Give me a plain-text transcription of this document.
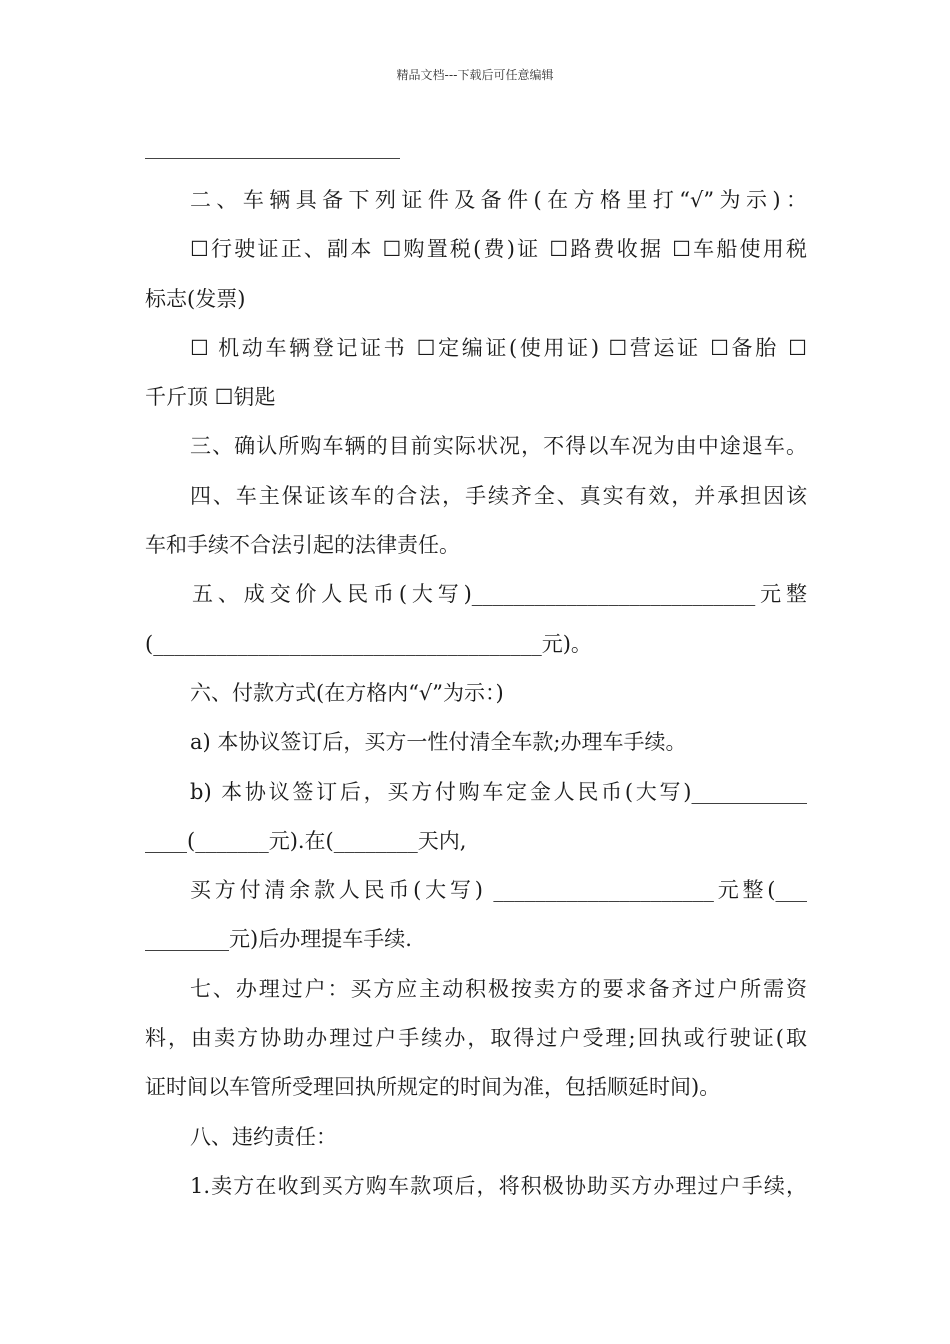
精品文档---下载后可任意编辑
二、车辆具备下列证件及备件(在方格里打“√”为示)：
☐行驶证正、副本 ☐购置税(费)证 ☐路费收据 ☐车船使用税
标志(发票)
☐ 机动车辆登记证书 ☐定编证(使用证) ☐营运证 ☐备胎 ☐
千斤顶 ☐钥匙
三、确认所购车辆的目前实际状况，不得以车况为由中途退车。
四、车主保证该车的合法，手续齐全、真实有效，并承担因该
车和手续不合法引起的法律责任。
五、成交价人民币(大写)___________________________元整
(_____________________________________元)。
六、付款方式(在方格内“√”为示：)
a) 本协议签订后，买方一性付清全车款;办理车手续。
b) 本协议签订后，买方付购车定金人民币(大写)___________
____(_______元).在(________天内,
买方付清余款人民币(大写) _____________________元整(___
________元)后办理提车手续.
七、办理过户：买方应主动积极按卖方的要求备齐过户所需资
料，由卖方协助办理过户手续办，取得过户受理;回执或行驶证(取
证时间以车管所受理回执所规定的时间为准，包括顺延时间)。
八、违约责任：
1.卖方在收到买方购车款项后，将积极协助买方办理过户手续，
